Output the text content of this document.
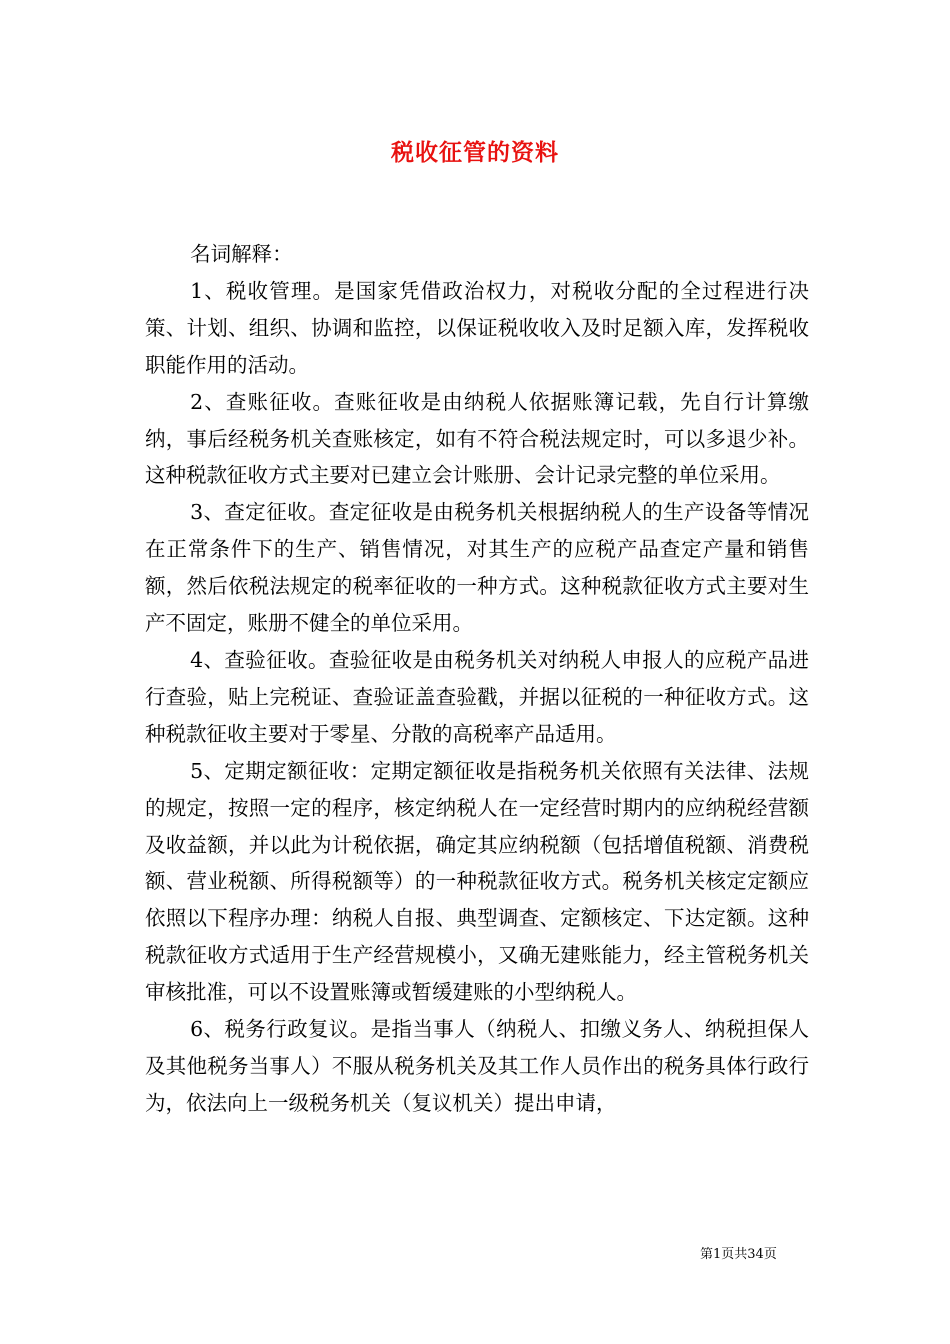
税收征管的资料

名词解释：

1、税收管理。是国家凭借政治权力，对税收分配的全过程进行决策、计划、组织、协调和监控，以保证税收收入及时足额入库，发挥税收职能作用的活动。

2、查账征收。查账征收是由纳税人依据账簿记载，先自行计算缴纳，事后经税务机关查账核定，如有不符合税法规定时，可以多退少补。这种税款征收方式主要对已建立会计账册、会计记录完整的单位采用。

3、查定征收。查定征收是由税务机关根据纳税人的生产设备等情况在正常条件下的生产、销售情况，对其生产的应税产品查定产量和销售额，然后依税法规定的税率征收的一种方式。这种税款征收方式主要对生产不固定，账册不健全的单位采用。

4、查验征收。查验征收是由税务机关对纳税人申报人的应税产品进行查验，贴上完税证、查验证盖查验戳，并据以征税的一种征收方式。这种税款征收主要对于零星、分散的高税率产品适用。

5、定期定额征收：定期定额征收是指税务机关依照有关法律、法规的规定，按照一定的程序，核定纳税人在一定经营时期内的应纳税经营额及收益额，并以此为计税依据，确定其应纳税额（包括增值税额、消费税额、营业税额、所得税额等）的一种税款征收方式。税务机关核定定额应依照以下程序办理：纳税人自报、典型调查、定额核定、下达定额。这种税款征收方式适用于生产经营规模小，又确无建账能力，经主管税务机关审核批准，可以不设置账簿或暂缓建账的小型纳税人。

6、税务行政复议。是指当事人（纳税人、扣缴义务人、纳税担保人及其他税务当事人）不服从税务机关及其工作人员作出的税务具体行政行为，依法向上一级税务机关（复议机关）提出申请，

第1页共34页
